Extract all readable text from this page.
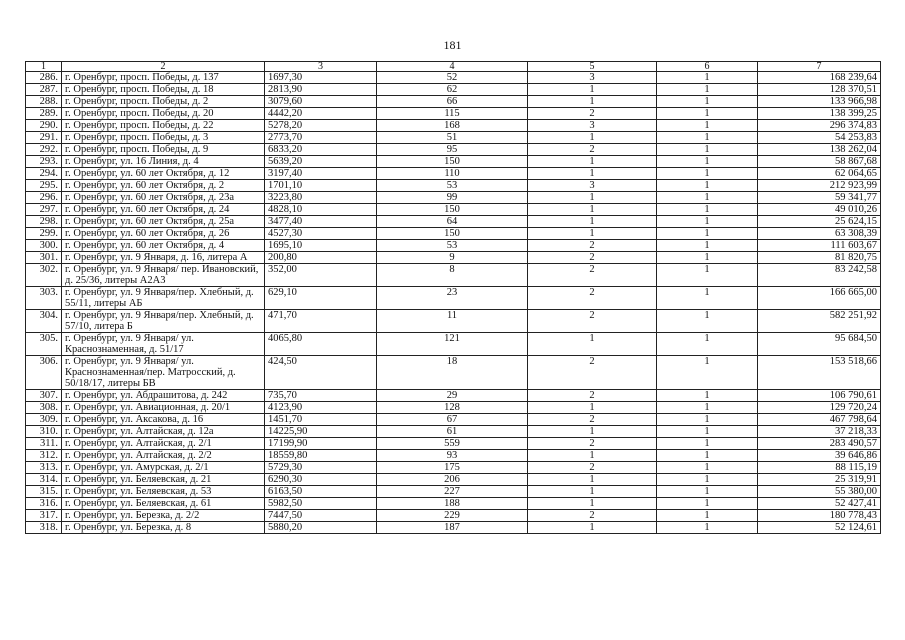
181
1	2	3	4	5	6	7
286.	г. Оренбург, просп. Победы, д. 137	1697,30	52	3	1	168 239,64
287.	г. Оренбург, просп. Победы, д. 18	2813,90	62	1	1	128 370,51
288.	г. Оренбург, просп. Победы, д. 2	3079,60	66	1	1	133 966,98
289.	г. Оренбург, просп. Победы, д. 20	4442,20	115	2	1	138 399,25
290.	г. Оренбург, просп. Победы, д. 22	5278,20	168	3	1	296 374,83
291.	г. Оренбург, просп. Победы, д. 3	2773,70	51	1	1	54 253,83
292.	г. Оренбург, просп. Победы, д. 9	6833,20	95	2	1	138 262,04
293.	г. Оренбург, ул. 16 Линия, д. 4	5639,20	150	1	1	58 867,68
294.	г. Оренбург, ул. 60 лет Октября, д. 12	3197,40	110	1	1	62 064,65
295.	г. Оренбург, ул. 60 лет Октября, д. 2	1701,10	53	3	1	212 923,99
296.	г. Оренбург, ул. 60 лет Октября, д. 23а	3223,80	99	1	1	59 341,77
297.	г. Оренбург, ул. 60 лет Октября, д. 24	4828,10	150	1	1	49 010,26
298.	г. Оренбург, ул. 60 лет Октября, д. 25а	3477,40	64	1	1	25 624,15
299.	г. Оренбург, ул. 60 лет Октября, д. 26	4527,30	150	1	1	63 308,39
300.	г. Оренбург, ул. 60 лет Октября, д. 4	1695,10	53	2	1	111 603,67
301.	г. Оренбург, ул. 9 Января, д. 16, литера А	200,80	9	2	1	81 820,75
302.	г. Оренбург, ул. 9 Января/ пер. Ивановский, д. 25/36, литеры А2А3	352,00	8	2	1	83 242,58
303.	г. Оренбург, ул. 9 Января/пер. Хлебный, д. 55/11, литеры АБ	629,10	23	2	1	166 665,00
304.	г. Оренбург, ул. 9 Января/пер. Хлебный, д. 57/10, литера Б	471,70	11	2	1	582 251,92
305.	г. Оренбург, ул. 9 Января/ ул. Краснознаменная, д. 51/17	4065,80	121	1	1	95 684,50
306.	г. Оренбург, ул. 9 Января/ ул. Краснознаменная/пер. Матросский, д. 50/18/17, литеры БВ	424,50	18	2	1	153 518,66
307.	г. Оренбург, ул. Абдрашитова, д. 242	735,70	29	2	1	106 790,61
308.	г. Оренбург, ул. Авиационная, д. 20/1	4123,90	128	1	1	129 720,24
309.	г. Оренбург, ул. Аксакова, д. 16	1451,70	67	2	1	467 798,64
310.	г. Оренбург, ул. Алтайская, д. 12а	14225,90	61	1	1	37 218,33
311.	г. Оренбург, ул. Алтайская, д. 2/1	17199,90	559	2	1	283 490,57
312.	г. Оренбург, ул. Алтайская, д. 2/2	18559,80	93	1	1	39 646,86
313.	г. Оренбург, ул. Амурская, д. 2/1	5729,30	175	2	1	88 115,19
314.	г. Оренбург, ул. Беляевская, д. 21	6290,30	206	1	1	25 319,91
315.	г. Оренбург, ул. Беляевская, д. 53	6163,50	227	1	1	55 380,00
316.	г. Оренбург, ул. Беляевская, д. 61	5982,50	188	1	1	52 427,41
317.	г. Оренбург, ул. Березка, д. 2/2	7447,50	229	2	1	180 778,43
318.	г. Оренбург, ул. Березка, д. 8	5880,20	187	1	1	52 124,61
